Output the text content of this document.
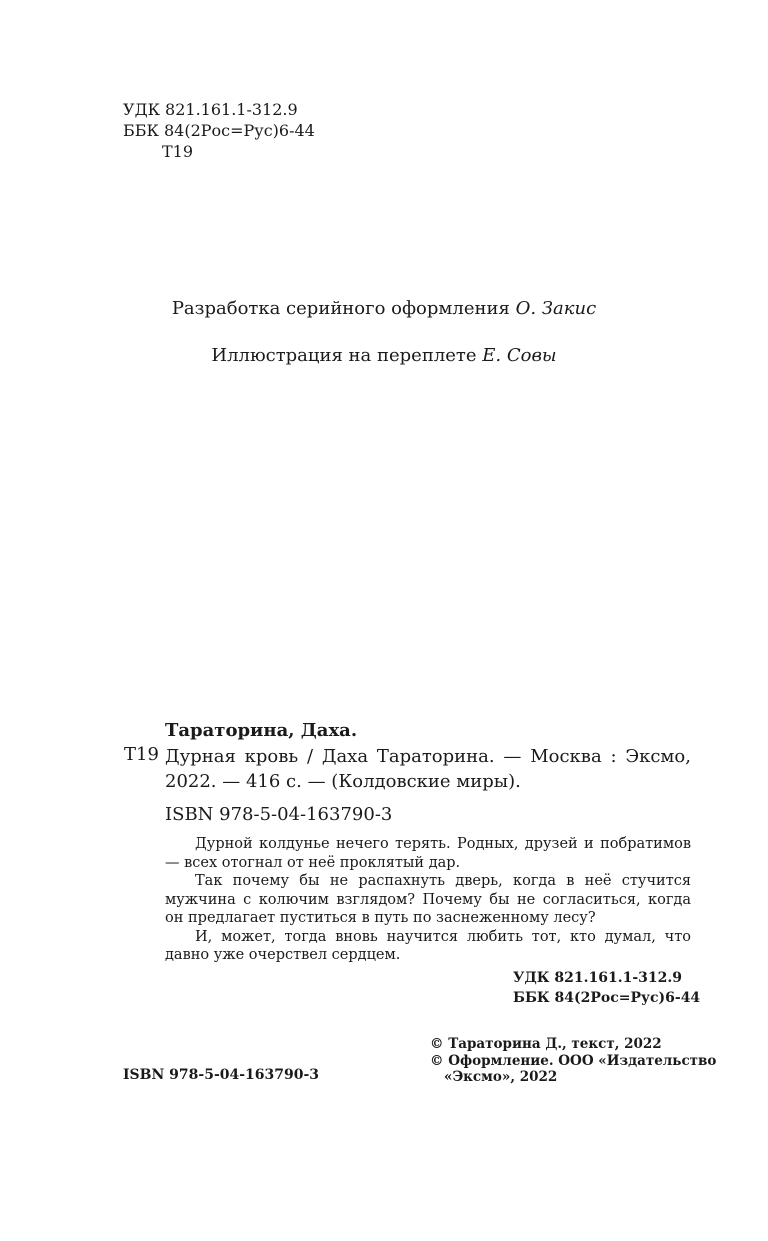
УДК 821.161.1-312.9
ББК 84(2Рос=Рус)6-44
Т19
Разработка серийного оформления О. Закис
Иллюстрация на переплете Е. Совы
Тараторина, Даха.
Т19 Дурная кровь / Даха Тараторина. — Москва : Эксмо, 2022. — 416 с. — (Колдовские миры).
ISBN 978-5-04-163790-3

Дурной колдунье нечего терять. Родных, друзей и побратимов — всех отогнал от неё проклятый дар.

Так почему бы не распахнуть дверь, когда в неё стучится мужчина с колючим взглядом? Почему бы не согласиться, когда он предлагает пуститься в путь по заснеженному лесу?

И, может, тогда вновь научится любить тот, кто думал, что давно уже очерствел сердцем.

УДК 821.161.1-312.9
ББК 84(2Рос=Рус)6-44
ISBN 978-5-04-163790-3
© Тараторина Д., текст, 2022
© Оформление. ООО «Издательство
«Эксмо», 2022
